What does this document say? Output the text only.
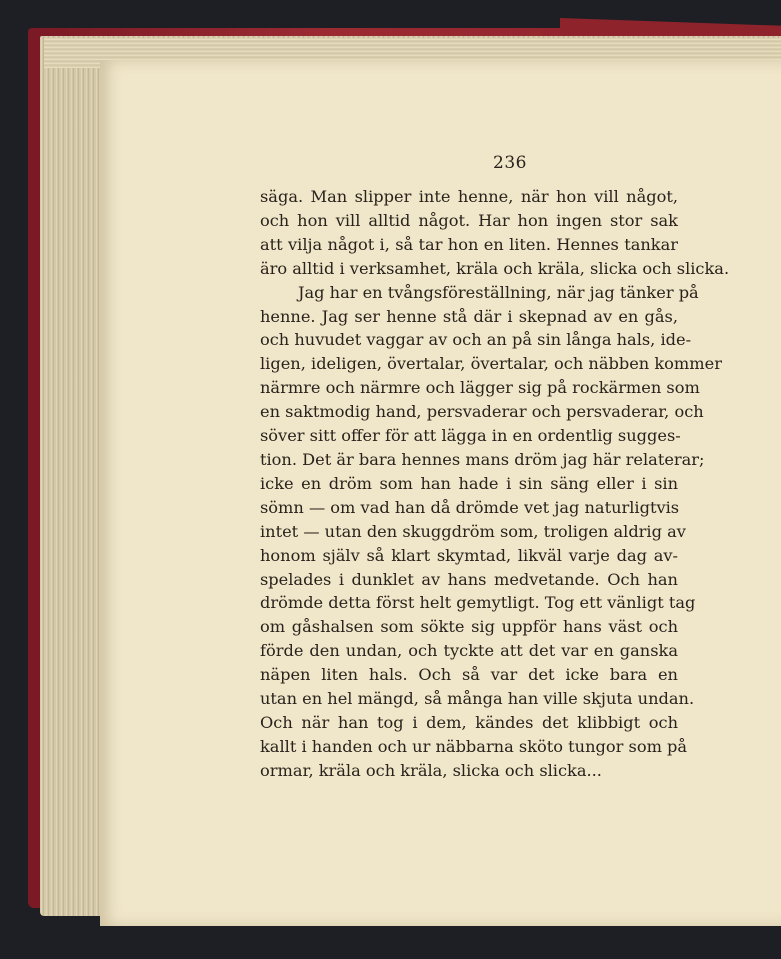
236
säga. Man slipper inte henne, när hon vill något,
och hon vill alltid något. Har hon ingen stor sak
att vilja något i, så tar hon en liten. Hennes tankar
äro alltid i verksamhet, kräla och kräla, slicka och slicka.
Jag har en tvångsföreställning, när jag tänker på
henne. Jag ser henne stå där i skepnad av en gås,
och huvudet vaggar av och an på sin långa hals, ide-
ligen, ideligen, övertalar, övertalar, och näbben kommer
närmre och närmre och lägger sig på rockärmen som
en saktmodig hand, persvaderar och persvaderar, och
söver sitt offer för att lägga in en ordentlig sugges-
tion. Det är bara hennes mans dröm jag här relaterar;
icke en dröm som han hade i sin säng eller i sin
sömn — om vad han då drömde vet jag naturligtvis
intet — utan den skuggdröm som, troligen aldrig av
honom själv så klart skymtad, likväl varje dag av-
spelades i dunklet av hans medvetande. Och han
drömde detta först helt gemytligt. Tog ett vänligt tag
om gåshalsen som sökte sig uppför hans väst och
förde den undan, och tyckte att det var en ganska
näpen liten hals. Och så var det icke bara en
utan en hel mängd, så många han ville skjuta undan.
Och när han tog i dem, kändes det klibbigt och
kallt i handen och ur näbbarna sköto tungor som på
ormar, kräla och kräla, slicka och slicka...
